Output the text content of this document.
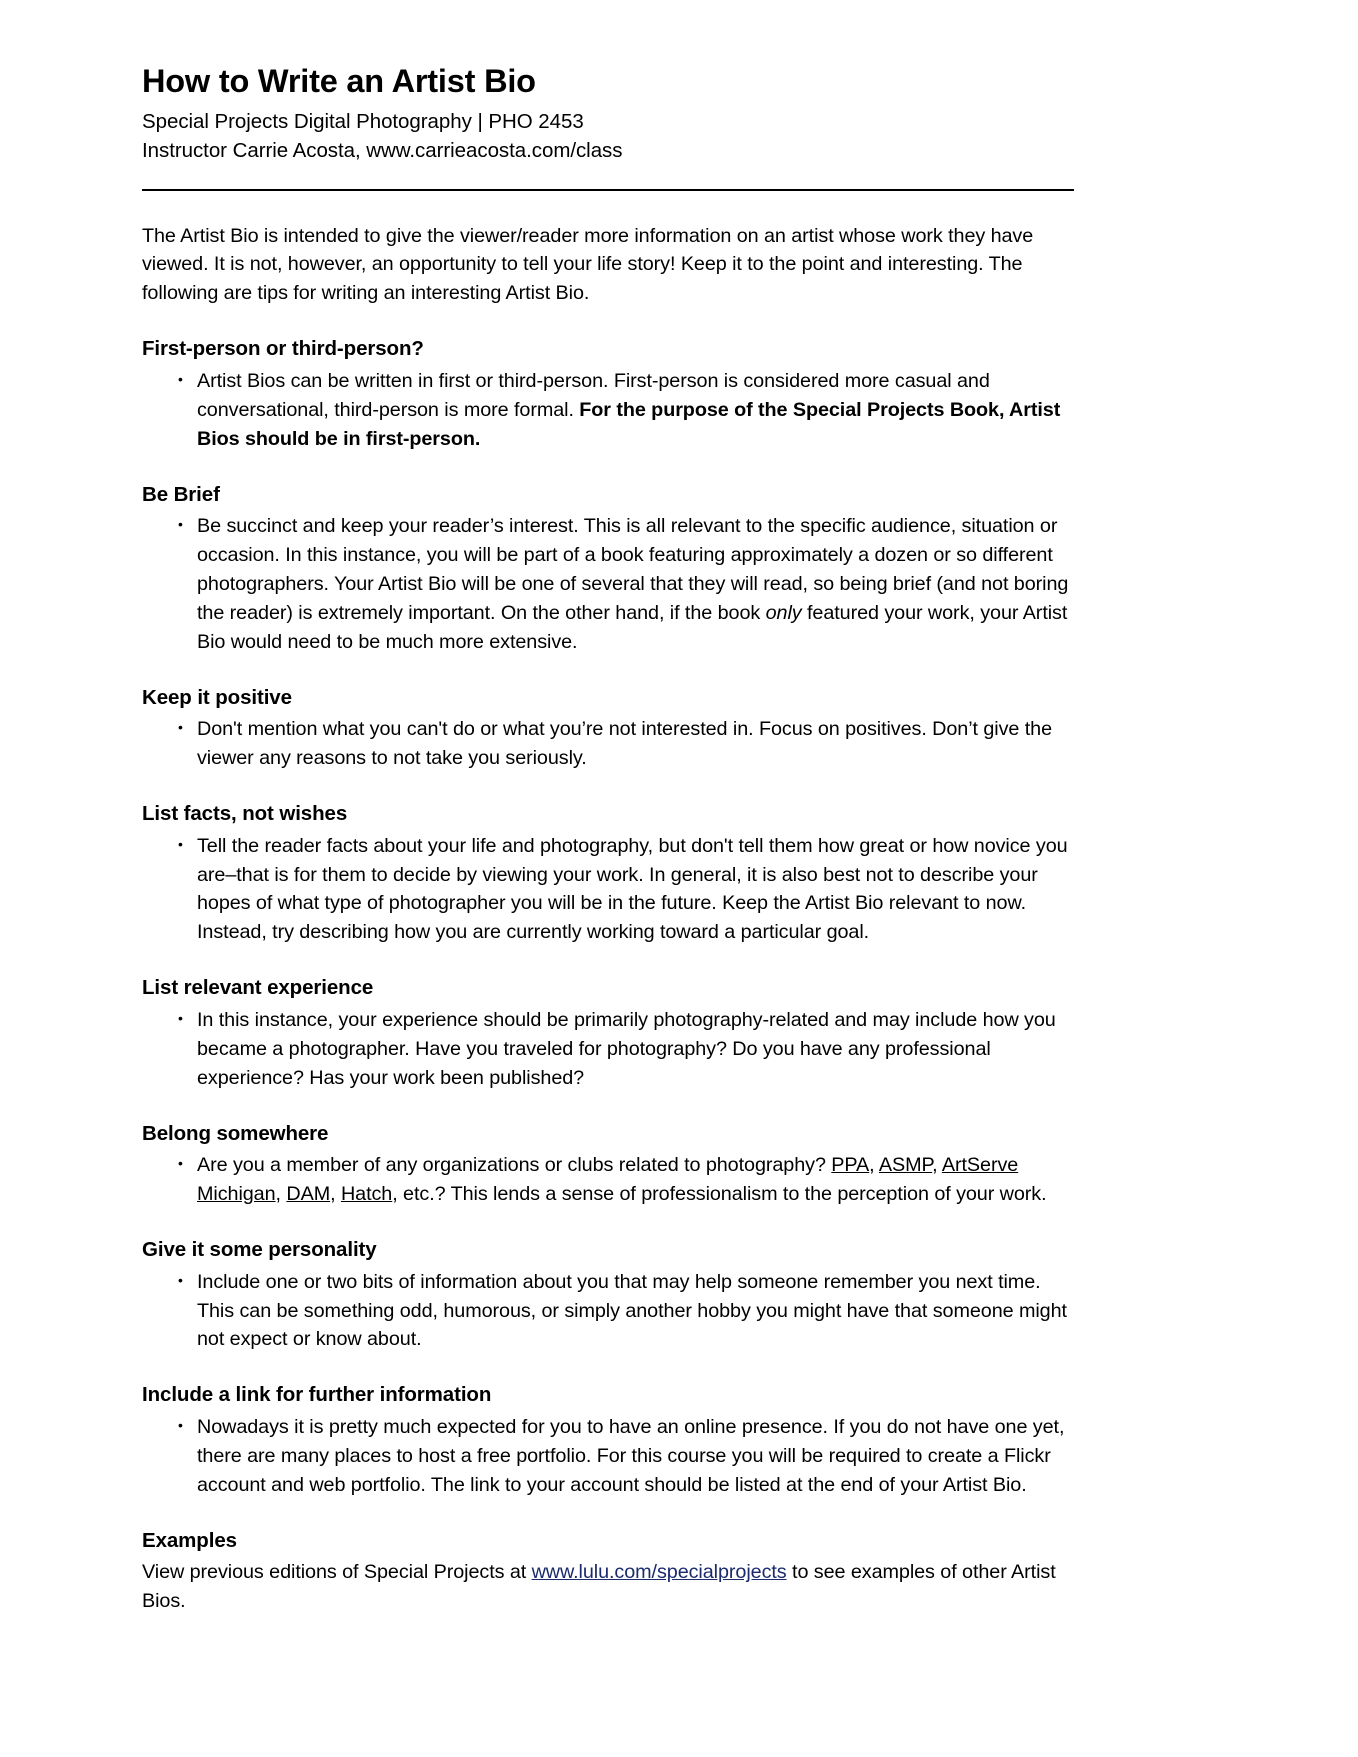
How to Write an Artist Bio

Special Projects Digital Photography | PHO 2453

Instructor Carrie Acosta, www.carrieacosta.com/class

The Artist Bio is intended to give the viewer/reader more information on an artist whose work they have viewed. It is not, however, an opportunity to tell your life story! Keep it to the point and interesting. The following are tips for writing an interesting Artist Bio.

First-person or third-person?
• Artist Bios can be written in first or third-person. First-person is considered more casual and conversational, third-person is more formal. For the purpose of the Special Projects Book, Artist Bios should be in first-person.
Be Brief
• Be succinct and keep your reader’s interest. This is all relevant to the specific audience, situation or occasion. In this instance, you will be part of a book featuring approximately a dozen or so different photographers. Your Artist Bio will be one of several that they will read, so being brief (and not boring the reader) is extremely important. On the other hand, if the book only featured your work, your Artist Bio would need to be much more extensive.
Keep it positive
• Don't mention what you can't do or what you’re not interested in. Focus on positives. Don’t give the viewer any reasons to not take you seriously.
List facts, not wishes
• Tell the reader facts about your life and photography, but don't tell them how great or how novice you are–that is for them to decide by viewing your work. In general, it is also best not to describe your hopes of what type of photographer you will be in the future. Keep the Artist Bio relevant to now. Instead, try describing how you are currently working toward a particular goal.
List relevant experience
• In this instance, your experience should be primarily photography-related and may include how you became a photographer. Have you traveled for photography? Do you have any professional experience? Has your work been published?
Belong somewhere
• Are you a member of any organizations or clubs related to photography? PPA, ASMP, ArtServe Michigan, DAM, Hatch, etc.? This lends a sense of professionalism to the perception of your work.
Give it some personality
• Include one or two bits of information about you that may help someone remember you next time. This can be something odd, humorous, or simply another hobby you might have that someone might not expect or know about.
Include a link for further information
• Nowadays it is pretty much expected for you to have an online presence. If you do not have one yet, there are many places to host a free portfolio. For this course you will be required to create a Flickr account and web portfolio. The link to your account should be listed at the end of your Artist Bio.
Examples

View previous editions of Special Projects at www.lulu.com/specialprojects to see examples of other Artist Bios.
